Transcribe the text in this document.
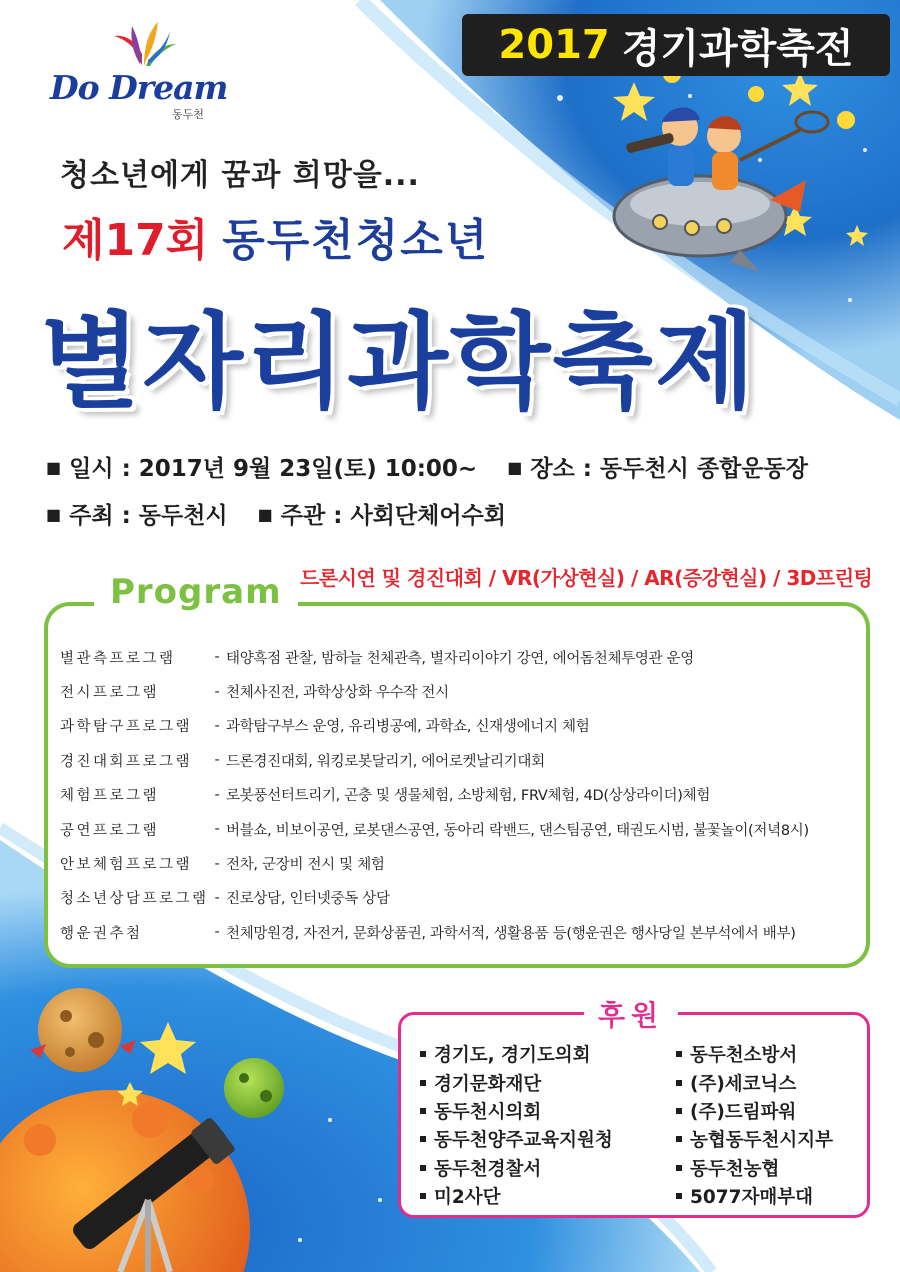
2017 경기과학축전
Do Dream
동두천
청소년에게 꿈과 희망을...
제17회 동두천청소년
별자리과학축제
■ 일시 : 2017년 9월 23일(토) 10:00~ ■ 장소 : 동두천시 종합운동장
■ 주최 : 동두천시 ■ 주관 : 사회단체어수회
드론시연 및 경진대회 / VR(가상현실) / AR(증강현실) / 3D프린팅
Program
별관측프로그램	- 태양흑점 관찰, 밤하늘 천체관측, 별자리이야기 강연, 에어돔천체투영관 운영
전시프로그램	- 천체사진전, 과학상상화 우수작 전시
과학탐구프로그램	- 과학탐구부스 운영, 유리병공예, 과학쇼, 신재생에너지 체험
경진대회프로그램	- 드론경진대회, 워킹로봇달리기, 에어로켓날리기대회
체험프로그램	- 로봇풍선터트리기, 곤충 및 생물체험, 소방체험, FRV체험, 4D(상상라이더)체험
공연프로그램	- 버블쇼, 비보이공연, 로봇댄스공연, 동아리 락밴드, 댄스팀공연, 태권도시범, 불꽃놀이(저녁8시)
안보체험프로그램	- 전차, 군장비 전시 및 체험
청소년상담프로그램 - 진로상담, 인터넷중독 상담
행운권추첨	- 천체망원경, 자전거, 문화상품권, 과학서적, 생활용품 등(행운권은 행사당일 본부석에서 배부)
후원
경기도, 경기도의회
경기문화재단
동두천시의회
동두천양주교육지원청
동두천경찰서
미2사단
동두천소방서
(주)세코닉스
(주)드림파워
농협동두천시지부
동두천농협
5077자매부대
